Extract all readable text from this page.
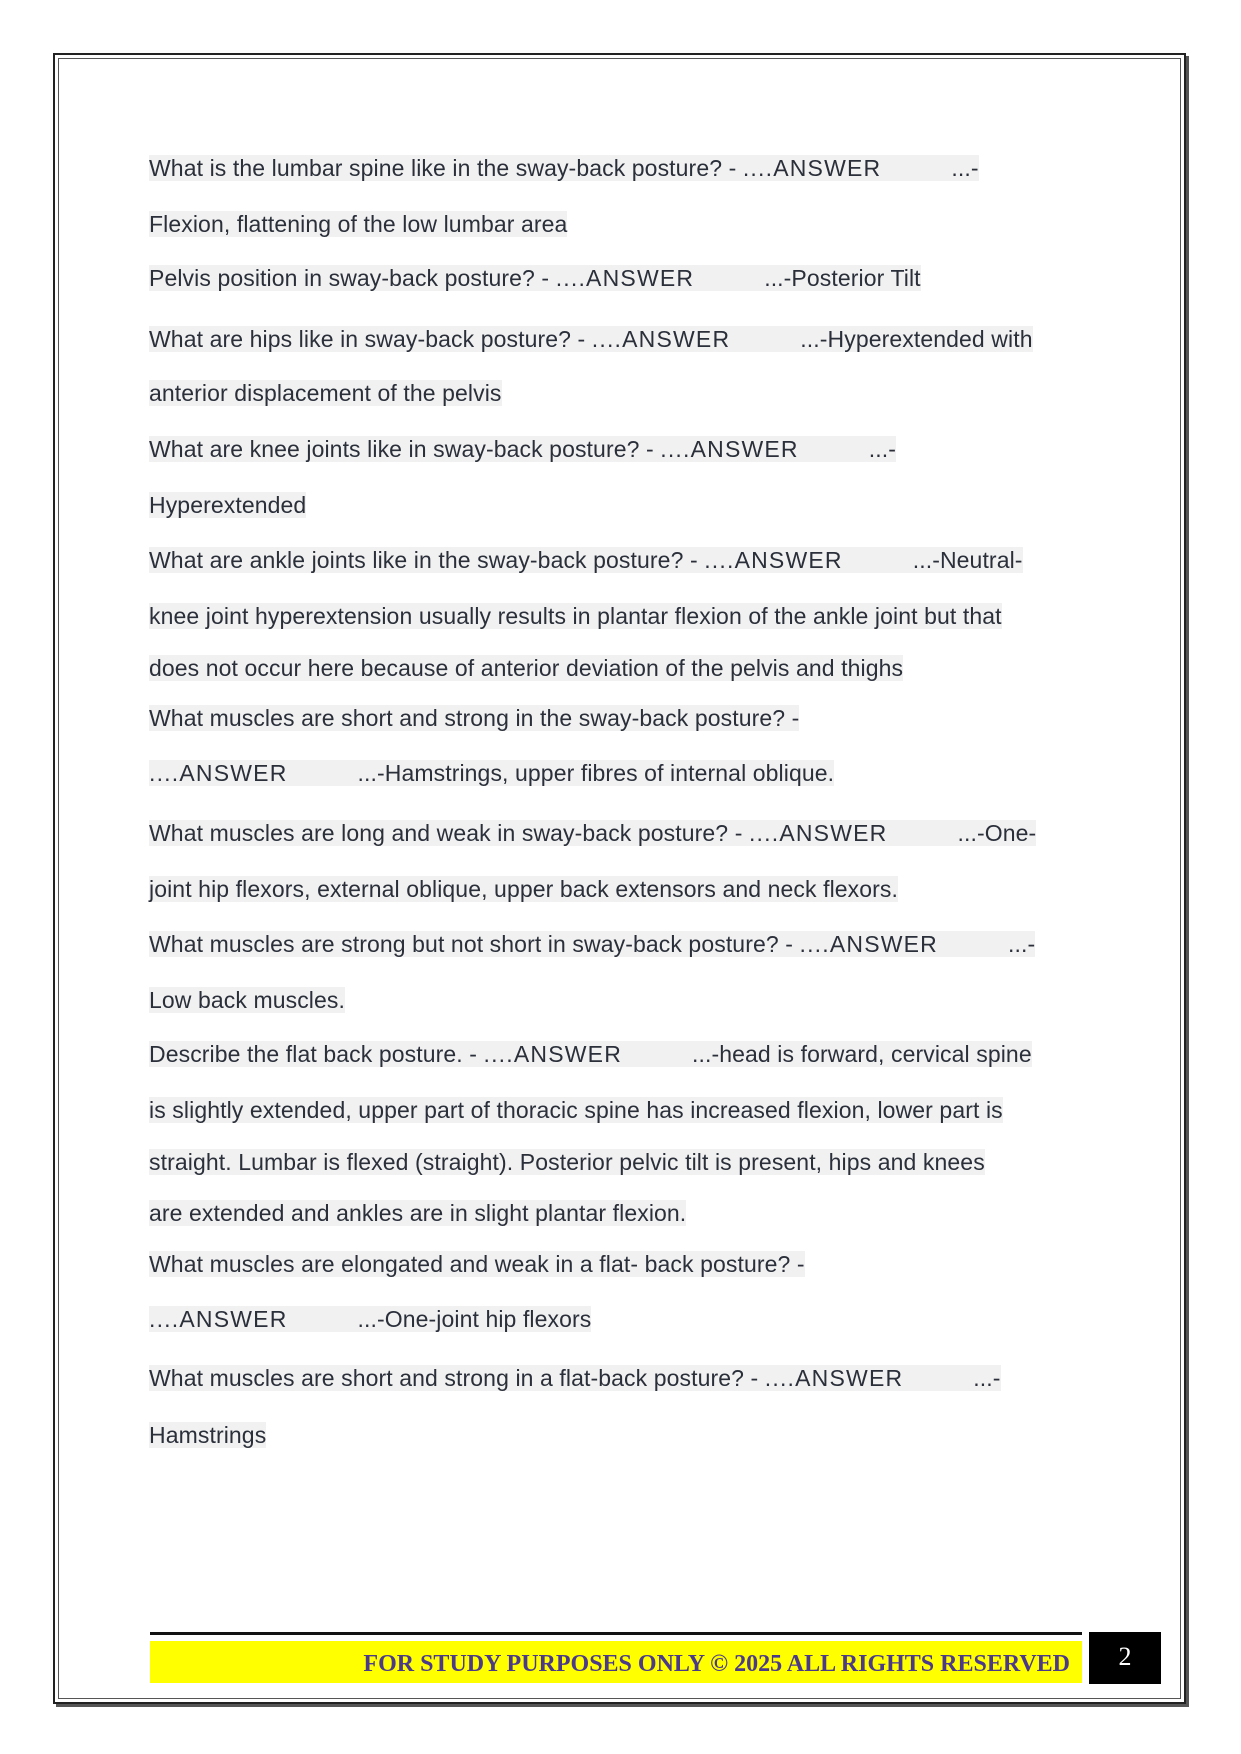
What is the lumbar spine like in the sway-back posture? - ....ANSWER	...-
Flexion, flattening of the low lumbar area
Pelvis position in sway-back posture? - ....ANSWER	...-Posterior Tilt
What are hips like in sway-back posture? - ....ANSWER	...-Hyperextended with
anterior displacement of the pelvis
What are knee joints like in sway-back posture? - ....ANSWER	...-
Hyperextended
What are ankle joints like in the sway-back posture? - ....ANSWER	...-Neutral-
knee joint hyperextension usually results in plantar flexion of the ankle joint but that
does not occur here because of anterior deviation of the pelvis and thighs
What muscles are short and strong in the sway-back posture? -
....ANSWER	...-Hamstrings, upper fibres of internal oblique.
What muscles are long and weak in sway-back posture? - ....ANSWER	...-One-
joint hip flexors, external oblique, upper back extensors and neck flexors.
What muscles are strong but not short in sway-back posture? - ....ANSWER	...-
Low back muscles.
Describe the flat back posture. - ....ANSWER	...-head is forward, cervical spine
is slightly extended, upper part of thoracic spine has increased flexion, lower part is
straight. Lumbar is flexed (straight). Posterior pelvic tilt is present, hips and knees
are extended and ankles are in slight plantar flexion.
What muscles are elongated and weak in a flat- back posture? -
....ANSWER	...-One-joint hip flexors
What muscles are short and strong in a flat-back posture? - ....ANSWER	...-
Hamstrings
FOR STUDY PURPOSES ONLY © 2025 ALL RIGHTS RESERVED	2
